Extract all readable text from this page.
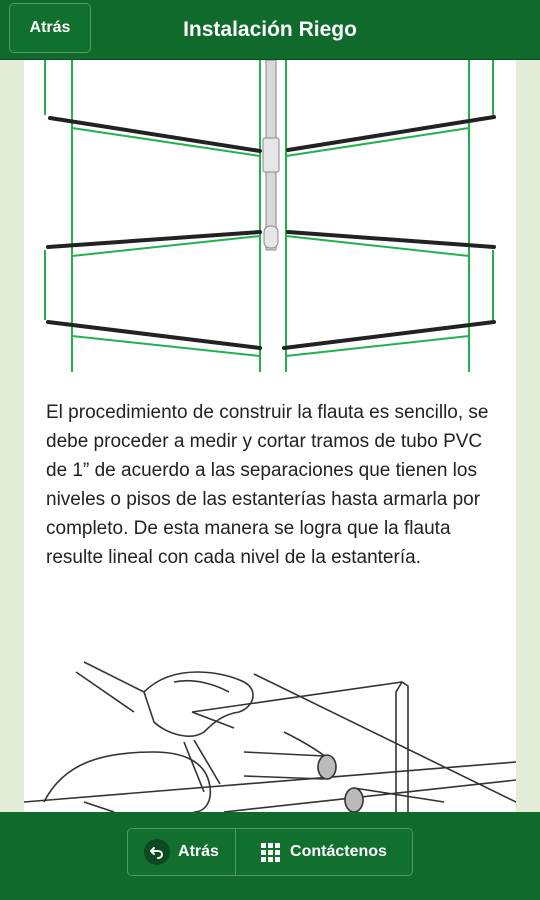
Atrás	Instalación Riego

El procedimiento de construir la flauta es sencillo, se debe proceder a medir y cortar tramos de tubo PVC de 1” de acuerdo a las separaciones que tienen los niveles o pisos de las estanterías hasta armarla por completo. De esta manera se logra que la flauta resulte lineal con cada nivel de la estantería.

Atrás	Contáctenos
